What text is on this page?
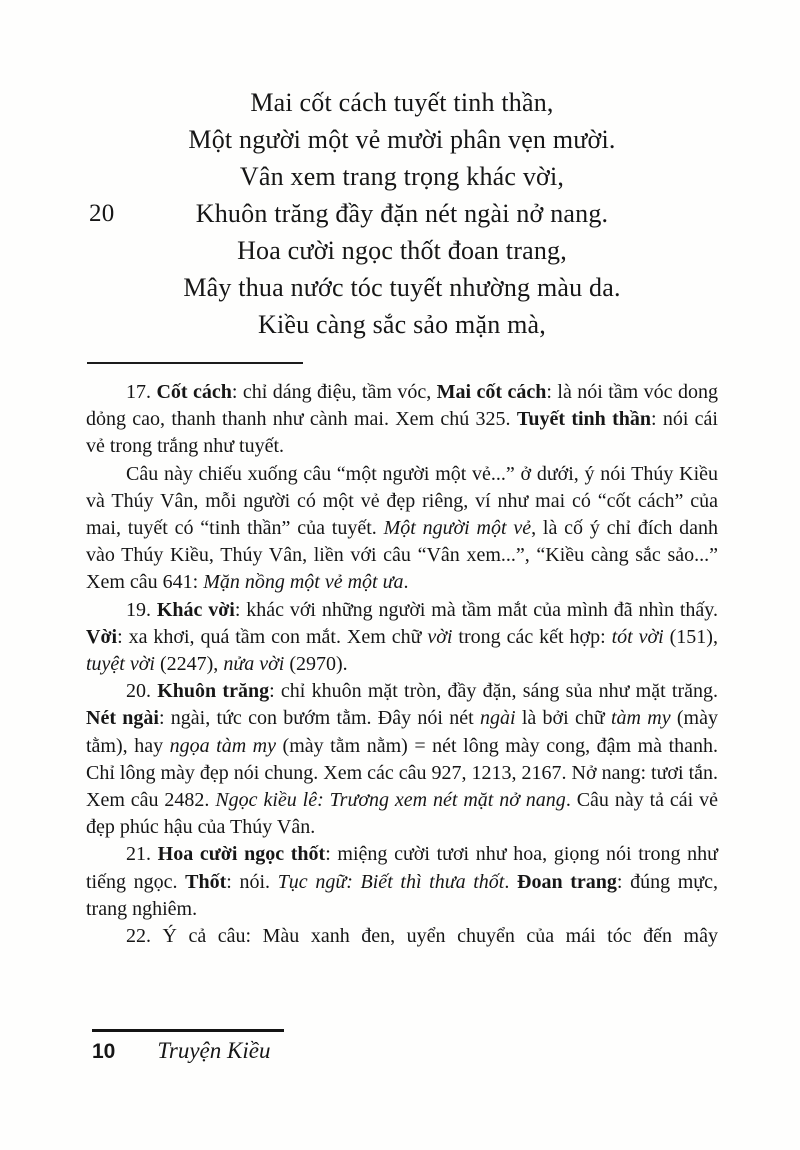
Mai cốt cách tuyết tinh thần,
Một người một vẻ mười phân vẹn mười.
Vân xem trang trọng khác vời,
20	Khuôn trăng đầy đặn nét ngài nở nang.
Hoa cười ngọc thốt đoan trang,
Mây thua nước tóc tuyết nhường màu da.
Kiều càng sắc sảo mặn mà,

17. Cốt cách: chỉ dáng điệu, tầm vóc, Mai cốt cách: là nói tầm vóc dong dỏng cao, thanh thanh như cành mai. Xem chú 325. Tuyết tinh thần: nói cái vẻ trong trắng như tuyết.

Câu này chiếu xuống câu “một người một vẻ...” ở dưới, ý nói Thúy Kiều và Thúy Vân, mỗi người có một vẻ đẹp riêng, ví như mai có “cốt cách” của mai, tuyết có “tinh thần” của tuyết. Một người một vẻ, là cố ý chỉ đích danh vào Thúy Kiều, Thúy Vân, liền với câu “Vân xem...”, “Kiều càng sắc sảo...” Xem câu 641: Mặn nồng một vẻ một ưa.

19. Khác vời: khác với những người mà tầm mắt của mình đã nhìn thấy. Vời: xa khơi, quá tầm con mắt. Xem chữ vời trong các kết hợp: tót vời (151), tuyệt vời (2247), nửa vời (2970).

20. Khuôn trăng: chỉ khuôn mặt tròn, đầy đặn, sáng sủa như mặt trăng. Nét ngài: ngài, tức con bướm tằm. Đây nói nét ngài là bởi chữ tàm my (mày tằm), hay ngọa tàm my (mày tằm nằm) = nét lông mày cong, đậm mà thanh. Chỉ lông mày đẹp nói chung. Xem các câu 927, 1213, 2167. Nở nang: tươi tắn. Xem câu 2482. Ngọc kiều lê: Trương xem nét mặt nở nang. Câu này tả cái vẻ đẹp phúc hậu của Thúy Vân.

21. Hoa cười ngọc thốt: miệng cười tươi như hoa, giọng nói trong như tiếng ngọc. Thốt: nói. Tục ngữ: Biết thì thưa thốt. Đoan trang: đúng mực, trang nghiêm.

22. Ý cả câu: Màu xanh đen, uyển chuyển của mái tóc đến mây

10 Truyện Kiều
